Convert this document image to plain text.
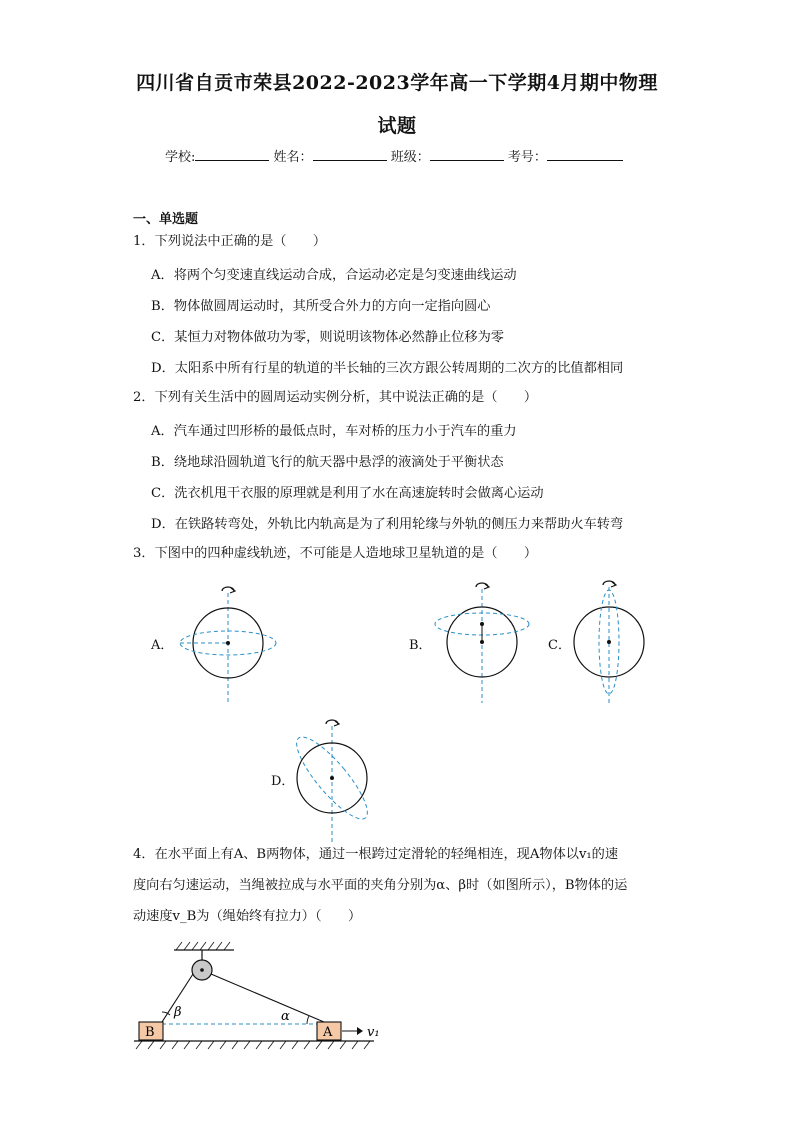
四川省自贡市荣县2022-2023学年高一下学期4月期中物理
试题
学校:	姓名：	班级：	考号：
一、单选题
1．下列说法中正确的是（　　）
A．将两个匀变速直线运动合成，合运动必定是匀变速曲线运动
B．物体做圆周运动时，其所受合外力的方向一定指向圆心
C．某恒力对物体做功为零，则说明该物体必然静止位移为零
D．太阳系中所有行星的轨道的半长轴的三次方跟公转周期的二次方的比值都相同
2．下列有关生活中的圆周运动实例分析，其中说法正确的是（　　）
A．汽车通过凹形桥的最低点时，车对桥的压力小于汽车的重力
B．绕地球沿圆轨道飞行的航天器中悬浮的液滴处于平衡状态
C．洗衣机甩干衣服的原理就是利用了水在高速旋转时会做离心运动
D．在铁路转弯处，外轨比内轨高是为了利用轮缘与外轨的侧压力来帮助火车转弯
3．下图中的四种虚线轨迹，不可能是人造地球卫星轨道的是（　　）
A．	B．	C．
D．
4．在水平面上有A、B两物体，通过一根跨过定滑轮的轻绳相连，现A物体以v₁的速
度向右匀速运动，当绳被拉成与水平面的夹角分别为α、β时（如图所示），B物体的运
动速度v_B为（绳始终有拉力）（　　）
β	α
B	A	v₁
